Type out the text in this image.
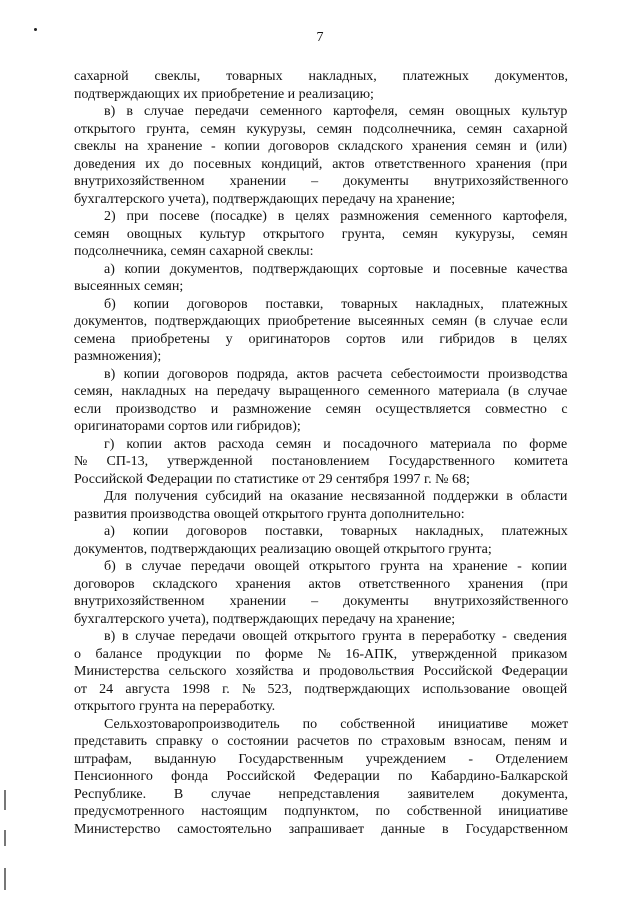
7
сахарной свеклы, товарных накладных, платежных документов,
подтверждающих их приобретение и реализацию;
в) в случае передачи семенного картофеля, семян овощных культур
открытого грунта, семян кукурузы, семян подсолнечника, семян сахарной
свеклы на хранение - копии договоров складского хранения семян и (или)
доведения их до посевных кондиций, актов ответственного хранения (при
внутрихозяйственном хранении – документы внутрихозяйственного
бухгалтерского учета), подтверждающих передачу на хранение;
2) при посеве (посадке) в целях размножения семенного картофеля,
семян овощных культур открытого грунта, семян кукурузы, семян
подсолнечника, семян сахарной свеклы:
а) копии документов, подтверждающих сортовые и посевные качества
высеянных семян;
б) копии договоров поставки, товарных накладных, платежных
документов, подтверждающих приобретение высеянных семян (в случае если
семена приобретены у оригинаторов сортов или гибридов в целях
размножения);
в) копии договоров подряда, актов расчета себестоимости производства
семян, накладных на передачу выращенного семенного материала (в случае
если производство и размножение семян осуществляется совместно с
оригинаторами сортов или гибридов);
г) копии актов расхода семян и посадочного материала по форме
№ СП-13, утвержденной постановлением Государственного комитета
Российской Федерации по статистике от 29 сентября 1997 г. № 68;
Для получения субсидий на оказание несвязанной поддержки в области
развития производства овощей открытого грунта дополнительно:
а) копии договоров поставки, товарных накладных, платежных
документов, подтверждающих реализацию овощей открытого грунта;
б) в случае передачи овощей открытого грунта на хранение - копии
договоров складского хранения актов ответственного хранения (при
внутрихозяйственном хранении – документы внутрихозяйственного
бухгалтерского учета), подтверждающих передачу на хранение;
в) в случае передачи овощей открытого грунта в переработку - сведения
о балансе продукции по форме № 16-АПК, утвержденной приказом
Министерства сельского хозяйства и продовольствия Российской Федерации
от 24 августа 1998 г. № 523, подтверждающих использование овощей
открытого грунта на переработку.
Сельхозтоваропроизводитель по собственной инициативе может
представить справку о состоянии расчетов по страховым взносам, пеням и
штрафам, выданную Государственным учреждением - Отделением
Пенсионного фонда Российской Федерации по Кабардино-Балкарской
Республике. В случае непредставления заявителем документа,
предусмотренного настоящим подпунктом, по собственной инициативе
Министерство самостоятельно запрашивает данные в Государственном
